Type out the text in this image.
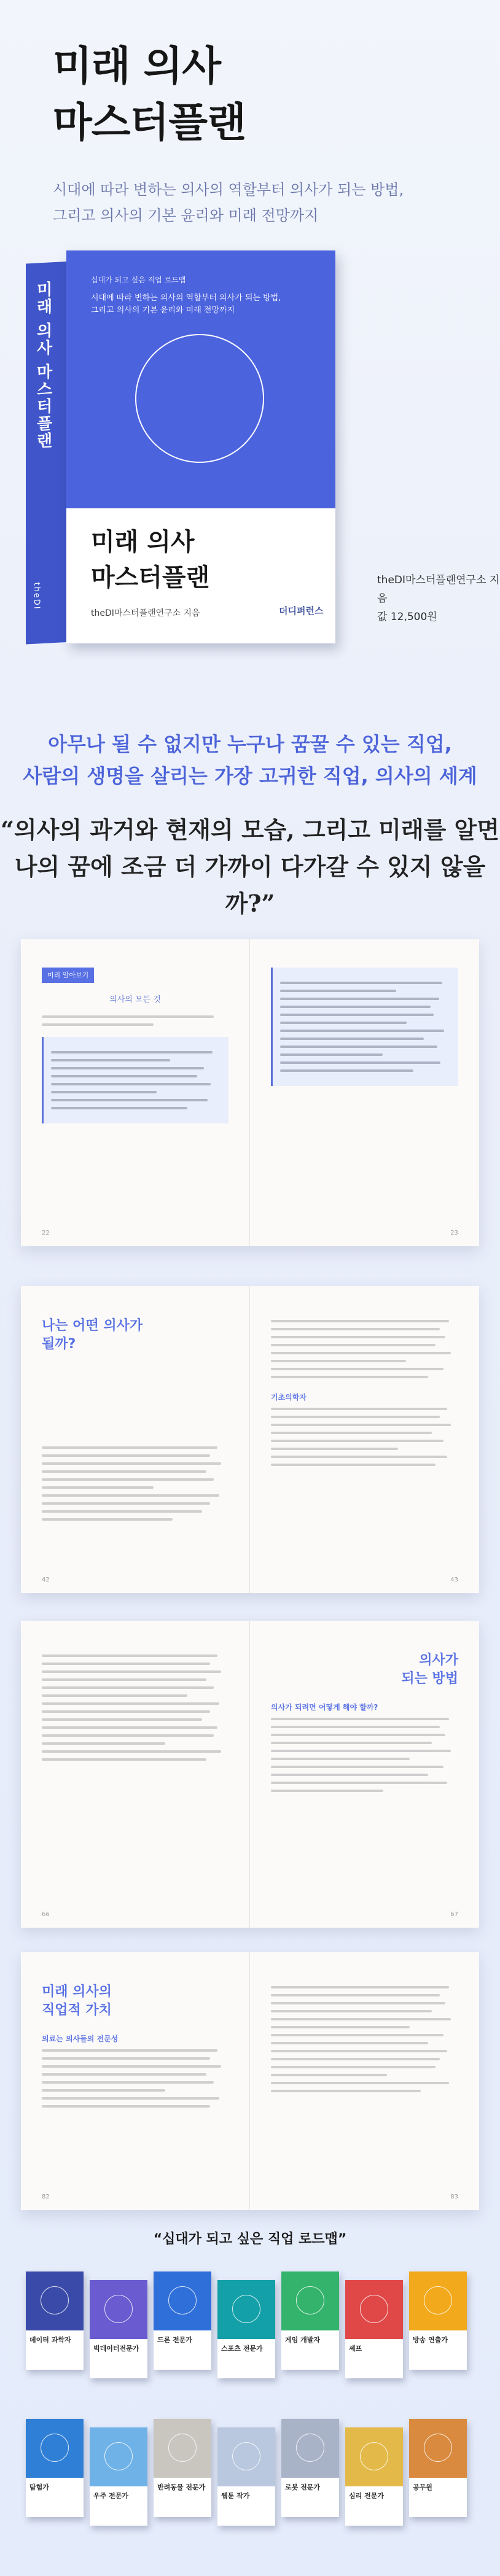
미래 의사
마스터플랜
시대에 따라 변하는 의사의 역할부터 의사가 되는 방법,
그리고 의사의 기본 윤리와 미래 전망까지
미래 의사 마스터플랜
theDI
십대가 되고 싶은 직업 로드맵
시대에 따라 변하는 의사의 역할부터 의사가 되는 방법,
그리고 의사의 기본 윤리와 미래 전망까지
미래 의사
마스터플랜
theDI마스터플랜연구소 지음	더디퍼런스
theDI마스터플랜연구소 지음
값 12,500원
아무나 될 수 없지만 누구나 꿈꿀 수 있는 직업,
사람의 생명을 살리는 가장 고귀한 직업, 의사의 세계
“의사의 과거와 현재의 모습, 그리고 미래를 알면
나의 꿈에 조금 더 가까이 다가갈 수 있지 않을까?”
미리 알아보기
의사의 모든 것
22	23
나는 어떤 의사가
될까?
42
기초의학자
43
66
의사가
되는 방법
의사가 되려면 어떻게 해야 할까?
67
미래 의사의
직업적 가치
의료는 의사들의 전문성
82	83
“십대가 되고 싶은 직업 로드맵”
데이터 과학자
빅데이터전문가
드론 전문가
스포츠 전문가
게임 개발자
셰프
방송 연출가
탐험가
우주 전문가
반려동물 전문가
웹툰 작가
로봇 전문가
심리 전문가
공무원
